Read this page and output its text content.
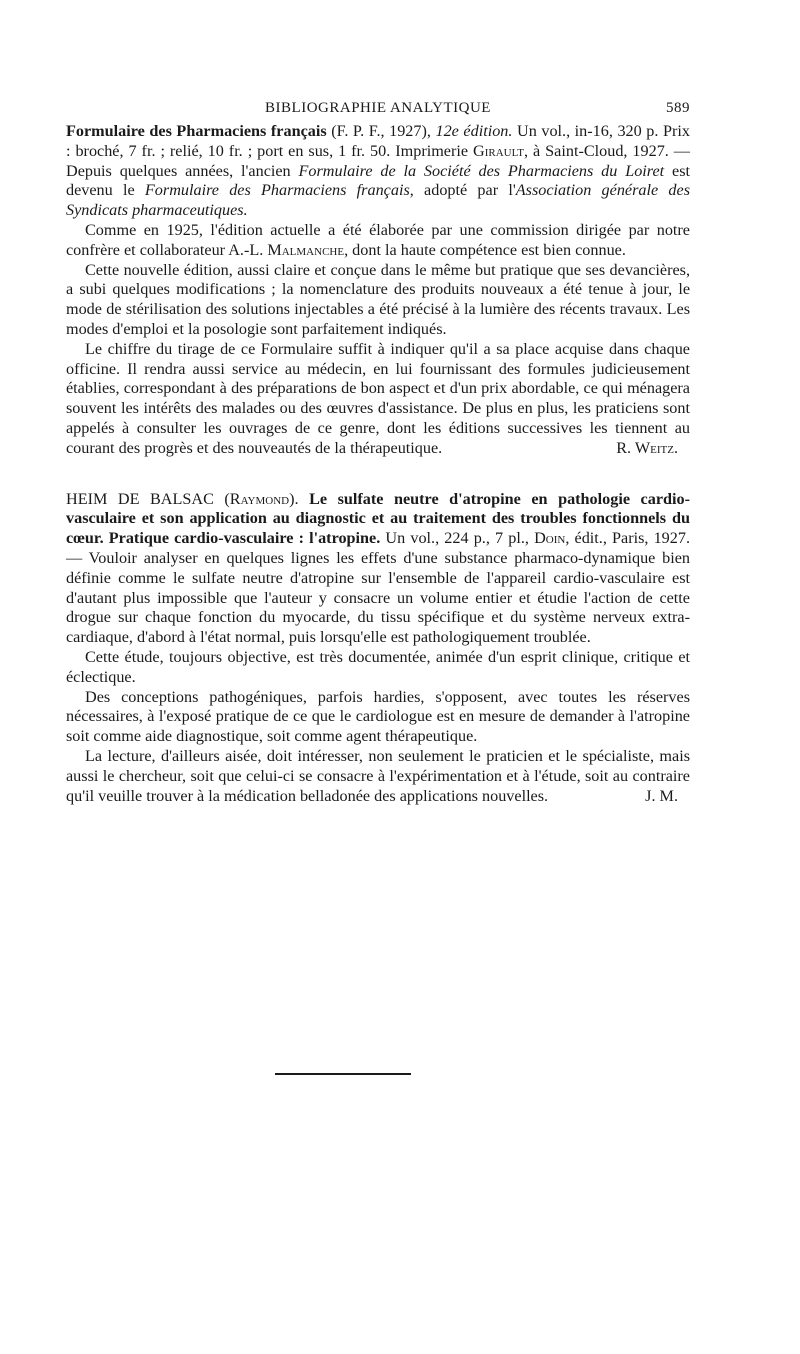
BIBLIOGRAPHIE ANALYTIQUE	589

Formulaire des Pharmaciens français (F. P. F., 1927), 12e édition. Un vol., in-16, 320 p. Prix : broché, 7 fr. ; relié, 10 fr. ; port en sus, 1 fr. 50. Imprimerie Girault, à Saint-Cloud, 1927. — Depuis quelques années, l'ancien Formulaire de la Société des Pharmaciens du Loiret est devenu le Formulaire des Pharmaciens français, adopté par l'Association générale des Syndicats pharmaceutiques.

Comme en 1925, l'édition actuelle a été élaborée par une commission dirigée par notre confrère et collaborateur A.-L. Malmanche, dont la haute compétence est bien connue.

Cette nouvelle édition, aussi claire et conçue dans le même but pratique que ses devancières, a subi quelques modifications ; la nomenclature des produits nouveaux a été tenue à jour, le mode de stérilisation des solutions injectables a été précisé à la lumière des récents travaux. Les modes d'emploi et la posologie sont parfaitement indiqués.

Le chiffre du tirage de ce Formulaire suffit à indiquer qu'il a sa place acquise dans chaque officine. Il rendra aussi service au médecin, en lui fournissant des formules judicieusement établies, correspondant à des préparations de bon aspect et d'un prix abordable, ce qui ménagera souvent les intérêts des malades ou des œuvres d'assistance. De plus en plus, les praticiens sont appelés à consulter les ouvrages de ce genre, dont les éditions successives les tiennent au courant des progrès et des nouveautés de la thérapeutique.	R. Weitz.

HEIM DE BALSAC (Raymond). Le sulfate neutre d'atropine en pathologie cardio-vasculaire et son application au diagnostic et au traitement des troubles fonctionnels du cœur. Pratique cardio-vasculaire : l'atropine. Un vol., 224 p., 7 pl., Doin, édit., Paris, 1927. — Vouloir analyser en quelques lignes les effets d'une substance pharmaco-dynamique bien définie comme le sulfate neutre d'atropine sur l'ensemble de l'appareil cardio-vasculaire est d'autant plus impossible que l'auteur y consacre un volume entier et étudie l'action de cette drogue sur chaque fonction du myocarde, du tissu spécifique et du système nerveux extra-cardiaque, d'abord à l'état normal, puis lorsqu'elle est pathologiquement troublée.

Cette étude, toujours objective, est très documentée, animée d'un esprit clinique, critique et éclectique.

Des conceptions pathogéniques, parfois hardies, s'opposent, avec toutes les réserves nécessaires, à l'exposé pratique de ce que le cardiologue est en mesure de demander à l'atropine soit comme aide diagnostique, soit comme agent thérapeutique.

La lecture, d'ailleurs aisée, doit intéresser, non seulement le praticien et le spécialiste, mais aussi le chercheur, soit que celui-ci se consacre à l'expérimentation et à l'étude, soit au contraire qu'il veuille trouver à la médication belladonée des applications nouvelles.	J. M.
